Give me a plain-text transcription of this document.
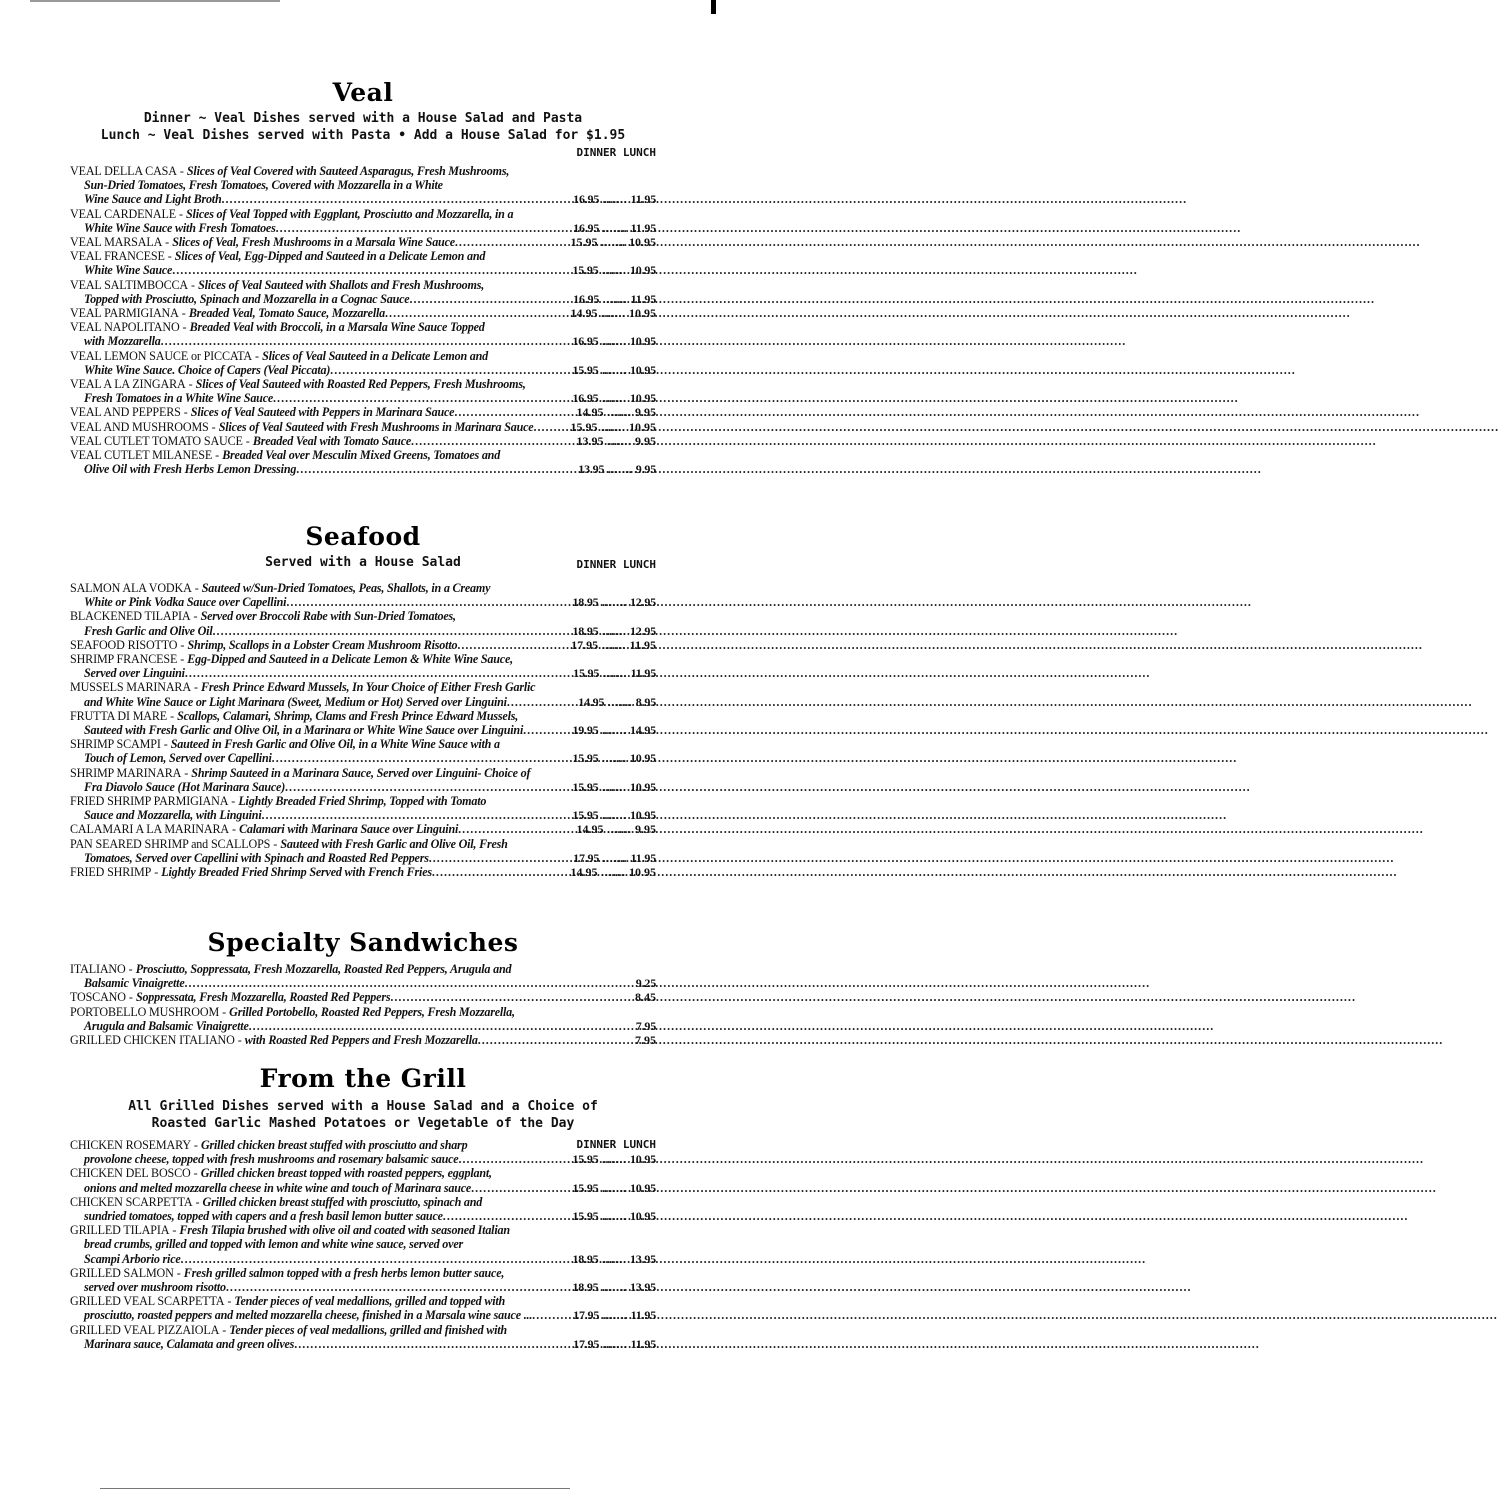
Veal

Dinner ~ Veal Dishes served with a House Salad and Pasta

Lunch ~ Veal Dishes served with Pasta • Add a House Salad for $1.95

DINNER LUNCH
VEAL DELLA CASA - Slices of Veal Covered with Sauteed Asparagus, Fresh Mushrooms,
Sun-Dried Tomatoes, Fresh Tomatoes, Covered with Mozzarella in a White
Wine Sauce and Light Broth .....	16.95 ....... 11.95
VEAL CARDENALE - Slices of Veal Topped with Eggplant, Prosciutto and Mozzarella, in a
White Wine Sauce with Fresh Tomatoes .....	16.95 ....... 11.95
VEAL MARSALA - Slices of Veal, Fresh Mushrooms in a Marsala Wine Sauce .....	15.95 ....... 10.95
VEAL FRANCESE - Slices of Veal, Egg-Dipped and Sauteed in a Delicate Lemon and
White Wine Sauce .....	15.95 ....... 10.95
VEAL SALTIMBOCCA - Slices of Veal Sauteed with Shallots and Fresh Mushrooms,
Topped with Prosciutto, Spinach and Mozzarella in a Cognac Sauce .....	16.95 ....... 11.95
VEAL PARMIGIANA - Breaded Veal, Tomato Sauce, Mozzarella .....	14.95 ....... 10.95
VEAL NAPOLITANO - Breaded Veal with Broccoli, in a Marsala Wine Sauce Topped
with Mozzarella .....	16.95 ....... 10.95
VEAL LEMON SAUCE or PICCATA - Slices of Veal Sauteed in a Delicate Lemon and
White Wine Sauce. Choice of Capers (Veal Piccata) .....	15.95 ....... 10.95
VEAL A LA ZINGARA - Slices of Veal Sauteed with Roasted Red Peppers, Fresh Mushrooms,
Fresh Tomatoes in a White Wine Sauce .....	16.95 ....... 10.95
VEAL AND PEPPERS - Slices of Veal Sauteed with Peppers in Marinara Sauce .....	14.95 ....... 9.95
VEAL AND MUSHROOMS - Slices of Veal Sauteed with Fresh Mushrooms in Marinara Sauce .....	15.95 ....... 10.95
VEAL CUTLET TOMATO SAUCE - Breaded Veal with Tomato Sauce .....	13.95 ....... 9.95
VEAL CUTLET MILANESE - Breaded Veal over Mesculin Mixed Greens, Tomatoes and
Olive Oil with Fresh Herbs Lemon Dressing .....	13.95 ....... 9.95
Seafood

Served with a House Salad	DINNER LUNCH
SALMON ALA VODKA - Sauteed w/Sun-Dried Tomatoes, Peas, Shallots, in a Creamy
White or Pink Vodka Sauce over Capellini .....	18.95 ....... 12.95
BLACKENED TILAPIA - Served over Broccoli Rabe with Sun-Dried Tomatoes,
Fresh Garlic and Olive Oil .....	18.95 ....... 12.95
SEAFOOD RISOTTO - Shrimp, Scallops in a Lobster Cream Mushroom Risotto .....	17.95 ....... 11.95
SHRIMP FRANCESE - Egg-Dipped and Sauteed in a Delicate Lemon & White Wine Sauce,
Served over Linguini .....	15.95 ....... 11.95
MUSSELS MARINARA - Fresh Prince Edward Mussels, In Your Choice of Either Fresh Garlic
and White Wine Sauce or Light Marinara (Sweet, Medium or Hot) Served over Linguini .....	14.95 ....... 8.95
FRUTTA DI MARE - Scallops, Calamari, Shrimp, Clams and Fresh Prince Edward Mussels,
Sauteed with Fresh Garlic and Olive Oil, in a Marinara or White Wine Sauce over Linguini .....	19.95 ....... 14.95
SHRIMP SCAMPI - Sauteed in Fresh Garlic and Olive Oil, in a White Wine Sauce with a
Touch of Lemon, Served over Capellini .....	15.95 ....... 10.95
SHRIMP MARINARA - Shrimp Sauteed in a Marinara Sauce, Served over Linguini- Choice of
Fra Diavolo Sauce (Hot Marinara Sauce) .....	15.95 ....... 10.95
FRIED SHRIMP PARMIGIANA - Lightly Breaded Fried Shrimp, Topped with Tomato
Sauce and Mozzarella, with Linguini .....	15.95 ....... 10.95
CALAMARI A LA MARINARA - Calamari with Marinara Sauce over Linguini .....	14.95 ....... 9.95
PAN SEARED SHRIMP and SCALLOPS - Sauteed with Fresh Garlic and Olive Oil, Fresh
Tomatoes, Served over Capellini with Spinach and Roasted Red Peppers .....	17.95 ....... 11.95
FRIED SHRIMP - Lightly Breaded Fried Shrimp Served with French Fries .....	14.95 ....... 10.95
Specialty Sandwiches
ITALIANO - Prosciutto, Soppressata, Fresh Mozzarella, Roasted Red Peppers, Arugula and
Balsamic Vinaigrette .....	9.25
TOSCANO - Soppressata, Fresh Mozzarella, Roasted Red Peppers .....	8.45
PORTOBELLO MUSHROOM - Grilled Portobello, Roasted Red Peppers, Fresh Mozzarella,
Arugula and Balsamic Vinaigrette .....	7.95
GRILLED CHICKEN ITALIANO - with Roasted Red Peppers and Fresh Mozzarella .....	7.95
From the Grill

All Grilled Dishes served with a House Salad and a Choice of

Roasted Garlic Mashed Potatoes or Vegetable of the Day

DINNER LUNCH
CHICKEN ROSEMARY - Grilled chicken breast stuffed with prosciutto and sharp
provolone cheese, topped with fresh mushrooms and rosemary balsamic sauce .....	15.95 ....... 10.95
CHICKEN DEL BOSCO - Grilled chicken breast topped with roasted peppers, eggplant,
onions and melted mozzarella cheese in white wine and touch of Marinara sauce .....	15.95 ....... 10.95
CHICKEN SCARPETTA - Grilled chicken breast stuffed with prosciutto, spinach and
sundried tomatoes, topped with capers and a fresh basil lemon butter sauce .....	15.95 ....... 10.95
GRILLED TILAPIA - Fresh Tilapia brushed with olive oil and coated with seasoned Italian
bread crumbs, grilled and topped with lemon and white wine sauce, served over
Scampi Arborio rice .....	18.95 ....... 13.95
GRILLED SALMON - Fresh grilled salmon topped with a fresh herbs lemon butter sauce,
served over mushroom risotto .....	18.95 ....... 13.95
GRILLED VEAL SCARPETTA - Tender pieces of veal medallions, grilled and topped with
prosciutto, roasted peppers and melted mozzarella cheese, finished in a Marsala wine sauce ... .....	17.95 ....... 11.95
GRILLED VEAL PIZZAIOLA - Tender pieces of veal medallions, grilled and finished with
Marinara sauce, Calamata and green olives .....	17.95 ....... 11.95
